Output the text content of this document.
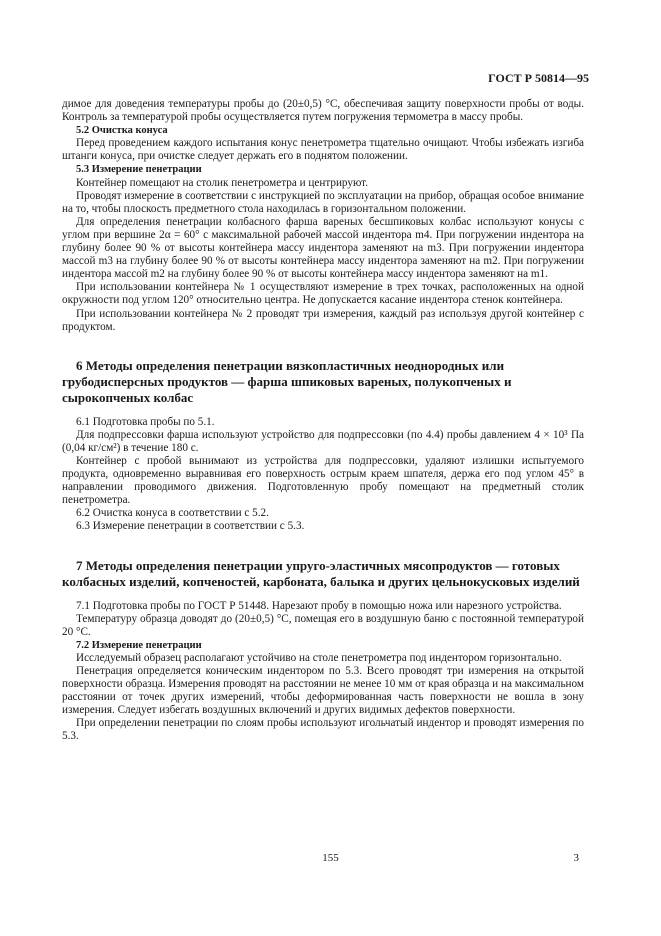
ГОСТ Р 50814—95

димое для доведения температуры пробы до (20±0,5) °С, обеспечивая защиту поверхности пробы от воды. Контроль за температурой пробы осуществляется путем погружения термометра в массу пробы.

5.2 Очистка конуса

Перед проведением каждого испытания конус пенетрометра тщательно очищают. Чтобы избежать изгиба штанги конуса, при очистке следует держать его в поднятом положении.

5.3 Измерение пенетрации

Контейнер помещают на столик пенетрометра и центрируют.

Проводят измерение в соответствии с инструкцией по эксплуатации на прибор, обращая особое внимание на то, чтобы плоскость предметного стола находилась в горизонтальном положении.

Для определения пенетрации колбасного фарша вареных бесшпиковых колбас используют конусы с углом при вершине 2α = 60° с максимальной рабочей массой индентора m4. При погружении индентора на глубину более 90 % от высоты контейнера массу индентора заменяют на m3. При погружении индентора массой m3 на глубину более 90 % от высоты контейнера массу индентора заменяют на m2. При погружении индентора массой m2 на глубину более 90 % от высоты контейнера массу индентора заменяют на m1.

При использовании контейнера № 1 осуществляют измерение в трех точках, расположенных на одной окружности под углом 120° относительно центра. Не допускается касание индентора стенок контейнера.

При использовании контейнера № 2 проводят три измерения, каждый раз используя другой контейнер с продуктом.

6 Методы определения пенетрации вязкопластичных неоднородных или грубодисперсных продуктов — фарша шпиковых вареных, полукопченых и сырокопченых колбас

6.1 Подготовка пробы по 5.1.

Для подпрессовки фарша используют устройство для подпрессовки (по 4.4) пробы давлением 4 × 10³ Па (0,04 кг/см²) в течение 180 с.

Контейнер с пробой вынимают из устройства для подпрессовки, удаляют излишки испытуемого продукта, одновременно выравнивая его поверхность острым краем шпателя, держа его под углом 45° в направлении проводимого движения. Подготовленную пробу помещают на предметный столик пенетрометра.

6.2 Очистка конуса в соответствии с 5.2.

6.3 Измерение пенетрации в соответствии с 5.3.

7 Методы определения пенетрации упруго-эластичных мясопродуктов — готовых колбасных изделий, копченостей, карбоната, балыка и других цельнокусковых изделий

7.1 Подготовка пробы по ГОСТ Р 51448. Нарезают пробу в помощью ножа или нарезного устройства.

Температуру образца доводят до (20±0,5) °С, помещая его в воздушную баню с постоянной температурой 20 °С.

7.2 Измерение пенетрации

Исследуемый образец располагают устойчиво на столе пенетрометра под индентором горизонтально.

Пенетрация определяется коническим индентором по 5.3. Всего проводят три измерения на открытой поверхности образца. Измерения проводят на расстоянии не менее 10 мм от края образца и на максимальном расстоянии от точек других измерений, чтобы деформированная часть поверхности не вошла в зону измерения. Следует избегать воздушных включений и других видимых дефектов поверхности.

При определении пенетрации по слоям пробы используют игольчатый индентор и проводят измерения по 5.3.

155	3
